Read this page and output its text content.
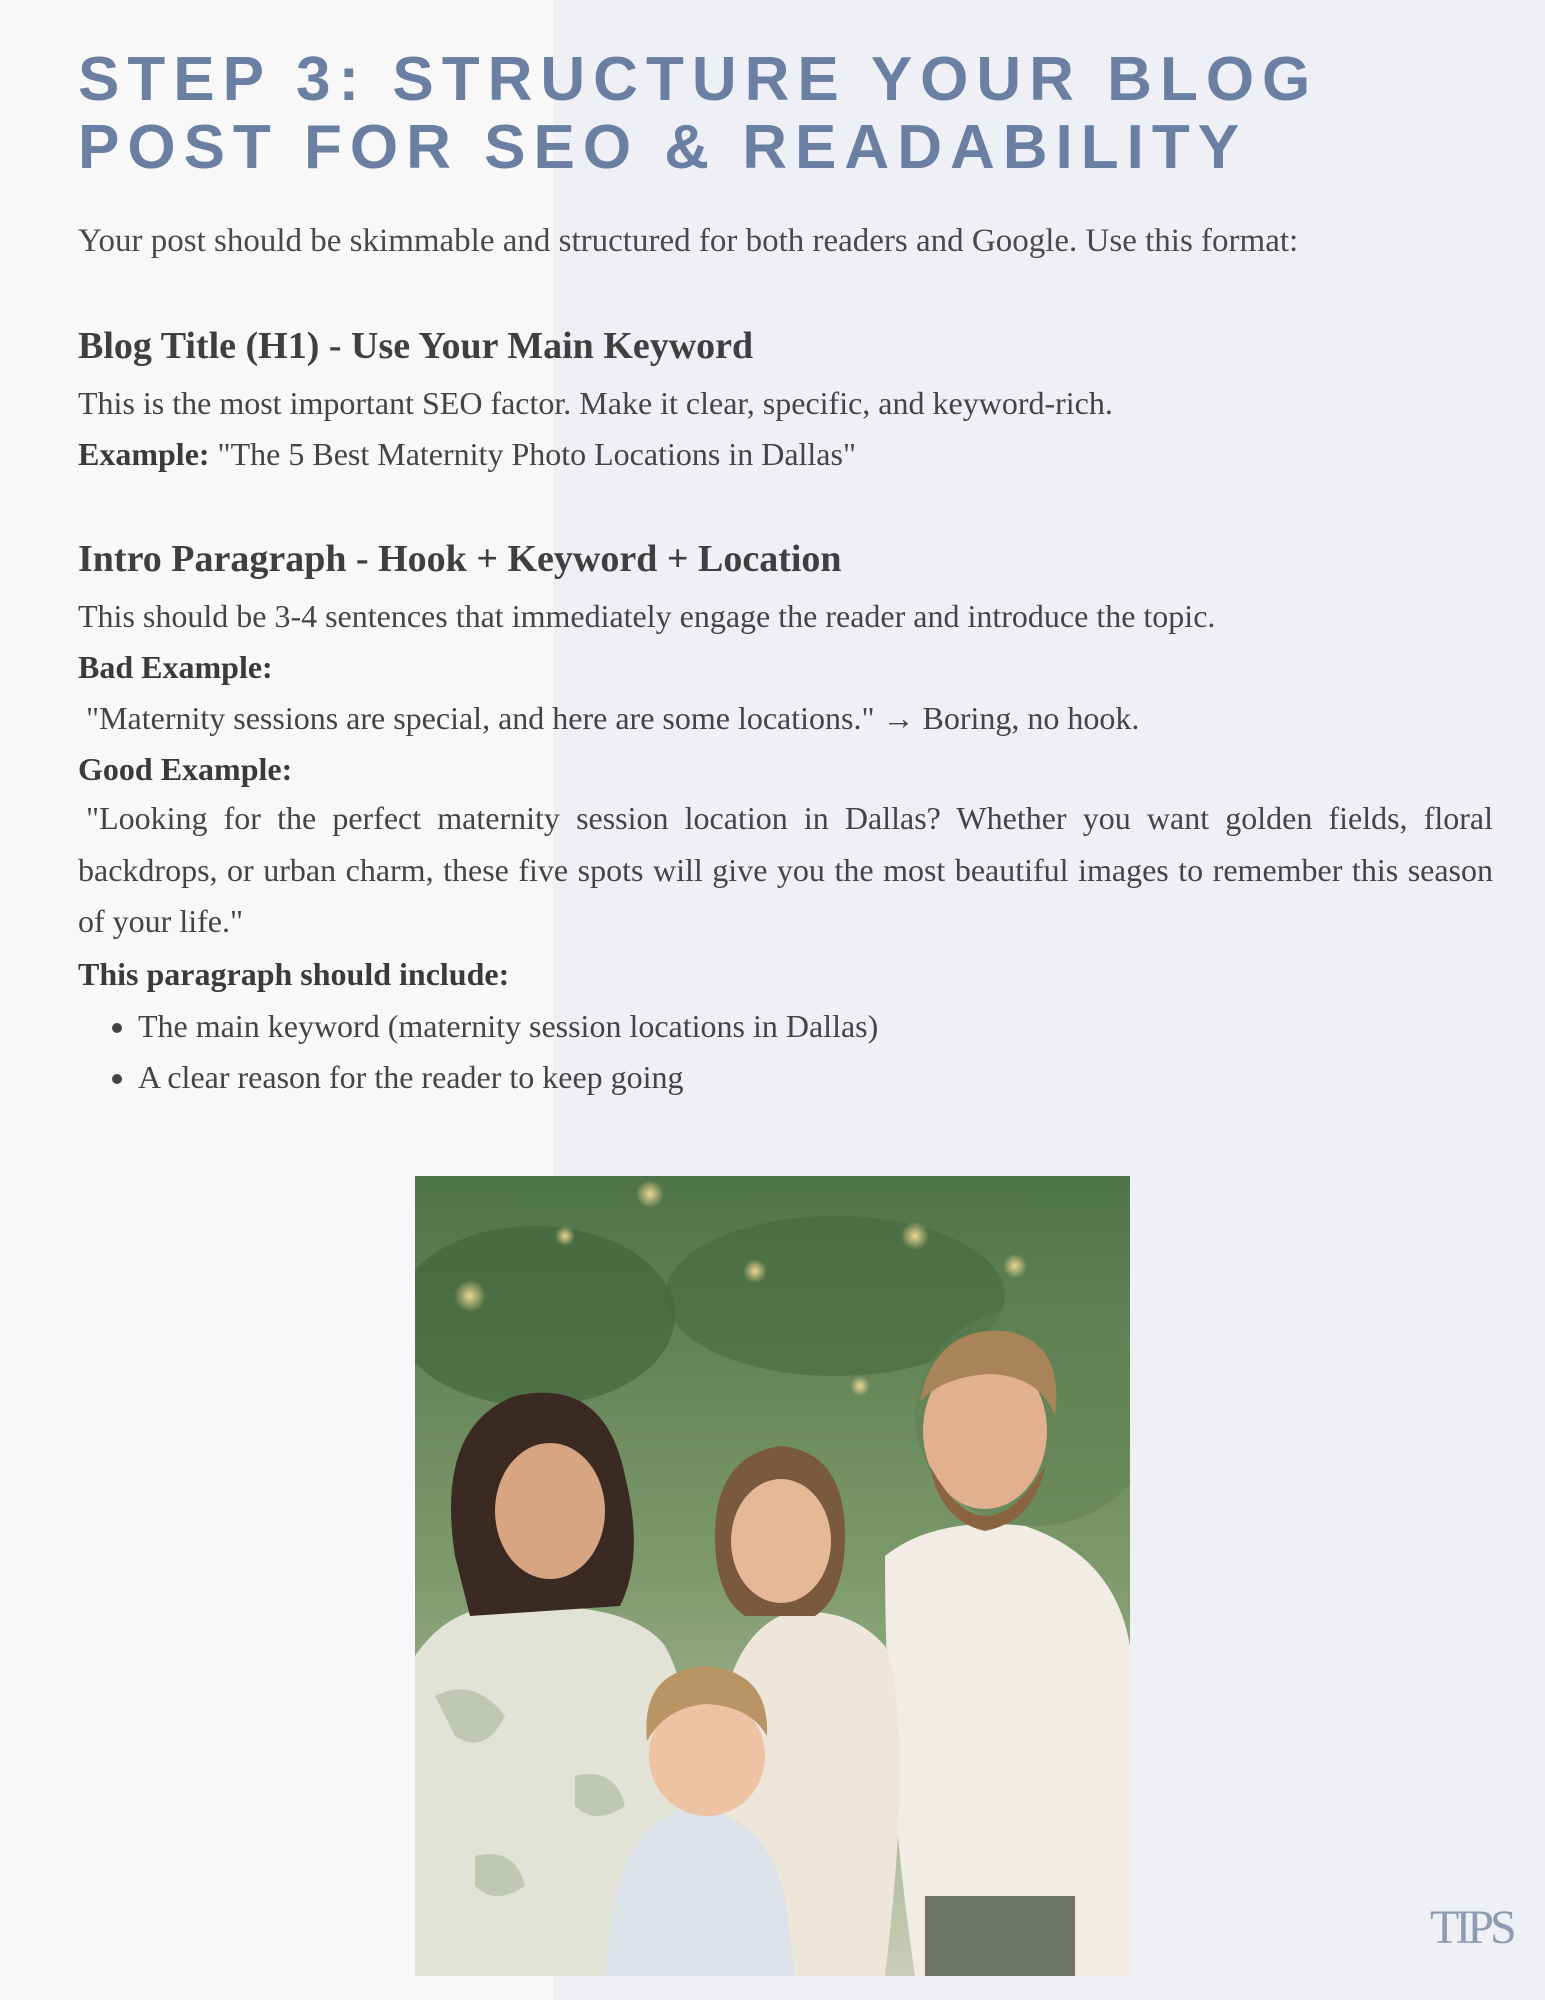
STEP 3: STRUCTURE YOUR BLOG
POST FOR SEO & READABILITY

Your post should be skimmable and structured for both readers and Google. Use this format:

Blog Title (H1) - Use Your Main Keyword

This is the most important SEO factor. Make it clear, specific, and keyword-rich.

Example: "The 5 Best Maternity Photo Locations in Dallas"

Intro Paragraph - Hook + Keyword + Location

This should be 3-4 sentences that immediately engage the reader and introduce the topic.

Bad Example:

"Maternity sessions are special, and here are some locations." → Boring, no hook.

Good Example:

"Looking for the perfect maternity session location in Dallas? Whether you want golden fields, floral backdrops, or urban charm, these five spots will give you the most beautiful images to remember this season of your life."

This paragraph should include:

• The main keyword (maternity session locations in Dallas)
• A clear reason for the reader to keep going
TIPS
